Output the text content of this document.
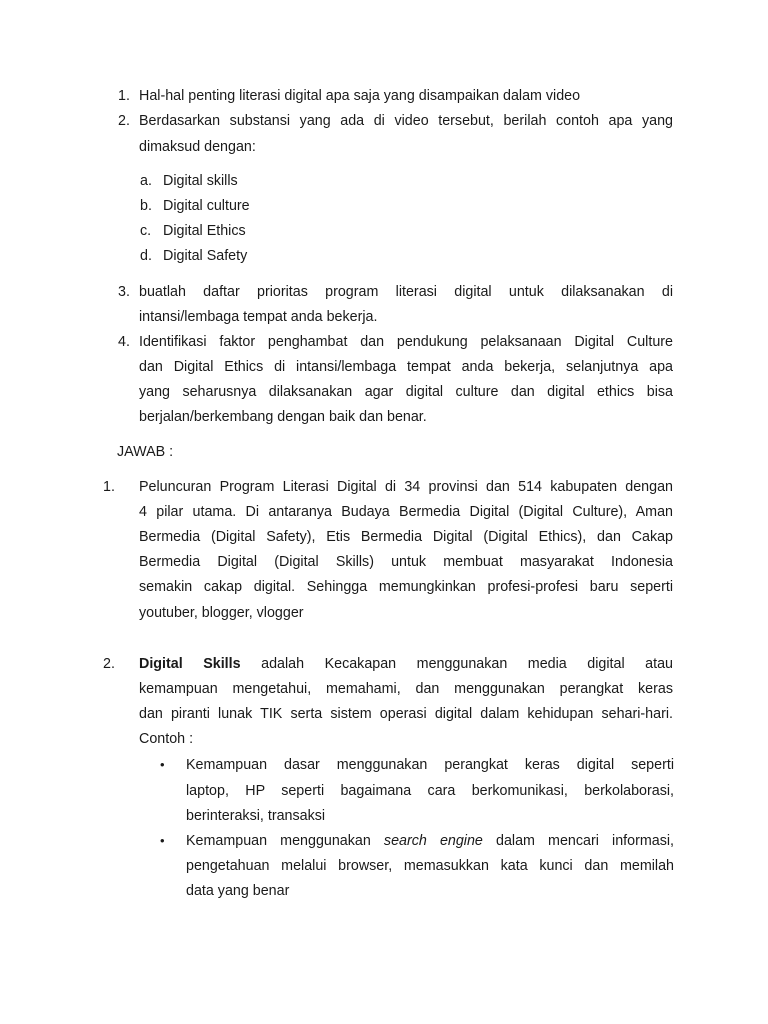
1. Hal-hal penting literasi digital apa saja yang disampaikan dalam video
2. Berdasarkan substansi yang ada di video tersebut, berilah contoh apa yang
dimaksud dengan:
a. Digital skills
b. Digital culture
c. Digital Ethics
d. Digital Safety
3. buatlah daftar prioritas program literasi digital untuk dilaksanakan di
intansi/lembaga tempat anda bekerja.
4. Identifikasi faktor penghambat dan pendukung pelaksanaan Digital Culture
dan Digital Ethics di intansi/lembaga tempat anda bekerja, selanjutnya apa
yang seharusnya dilaksanakan agar digital culture dan digital ethics bisa
berjalan/berkembang dengan baik dan benar.
JAWAB :
1. Peluncuran Program Literasi Digital di 34 provinsi dan 514 kabupaten dengan
4 pilar utama. Di antaranya Budaya Bermedia Digital (Digital Culture), Aman
Bermedia (Digital Safety), Etis Bermedia Digital (Digital Ethics), dan Cakap
Bermedia Digital (Digital Skills) untuk membuat masyarakat Indonesia
semakin cakap digital. Sehingga memungkinkan profesi-profesi baru seperti
youtuber, blogger, vlogger
2. Digital Skills adalah Kecakapan menggunakan media digital atau
kemampuan mengetahui, memahami, dan menggunakan perangkat keras
dan piranti lunak TIK serta sistem operasi digital dalam kehidupan sehari-hari.
Contoh :
• Kemampuan dasar menggunakan perangkat keras digital seperti
laptop, HP seperti bagaimana cara berkomunikasi, berkolaborasi,
berinteraksi, transaksi
• Kemampuan menggunakan search engine dalam mencari informasi,
pengetahuan melalui browser, memasukkan kata kunci dan memilah
data yang benar
